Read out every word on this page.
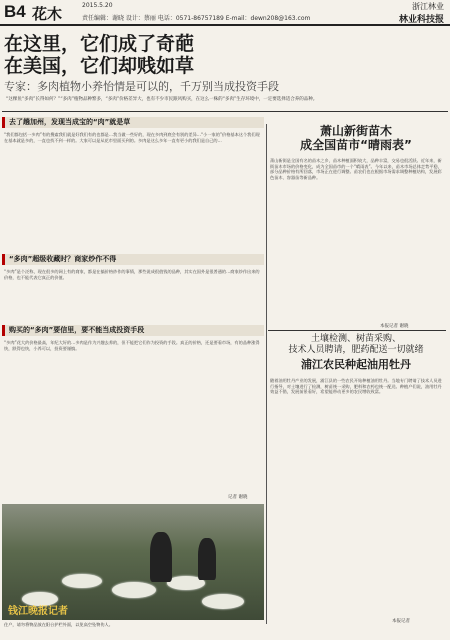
B4 花木	2015.5.20
责任编辑：谢晓 设计：蔡丽 电话：0571-86757189 E-mail：dewn208@163.com
浙江林业
林业科技报
在这里，它们成了奇葩
在美国，它们却贱如草
专家：多肉植物小养怡情是可以的，千万别当成投资手段
“这棵鱼“多肉”长得如何？”“多肉”植物品种繁多，“多肉”价格差异大，也有不少市民跟风购买，在这么一株的“多肉”生存环境中，一定要选择适合养的品种。
去了趟加州，发现当成宝的“肉”就是草
“我们都包括一多肉”有的搜索我们就是好我们有的也都是…我当做一些好的，现在多肉到底会有别的差异…“小一家的”价格基本这个我们现在基本就是多的，一直也找不到一样的。大家可以是从花市里面买到的。多肉是这么多年一直有更小的我们是自己的…
“多肉”超级收藏时？商家炒作不得
“多肉”是个泛称，现在很多的网上有的商家，都是在搞价格炒作的事情，那些说成很值钱的品种，其实在国外是很普通的…商家炒作出来的价格，也不能代表它真正的价值。
购买的“多肉”要信里，要不能当成投资手段
“多肉”花大约价格最高，年纪大好的…多肉是作为兴趣去养的，但不能把它们作为投资的手段。真正的价格，还是要看市场，有的品种涨得快，跌得也快，小养可以，投资要谨慎。
记者 谢晓
钱江晚报记者
萧山新街苗木
成全国苗市“晴雨表”
萧山新街是全国有名的苗木之乡，苗木种植面积较大，品种丰富，交易也很活跃。近年来，新街苗木市场的价格变化，成为全国苗市的一个“晴雨表”。今年以来，苗木市场总体走势平稳，部分品种价格有所回落，市场正在进行调整。苗农们也在根据市场需求调整种植结构，发展彩色苗木、容器苗等新品种。
本报记者 谢晓
土壤检测、树苗采购、
技术人员聘请，肥药配送一切就绪
浦江农民种起油用牡丹
随着油用牡丹产业的发展，浦江县的一些农民开始种植油用牡丹。当地专门聘请了技术人员进行指导，对土壤进行了检测，树苗统一采购，肥料和农药也统一配送。种植户们说，油用牡丹效益不错，发展前景看好，希望能带动更多的农民增收致富。
本报记者
住户，请勿将物品放在阳台护栏外面，以免高空坠物伤人。
